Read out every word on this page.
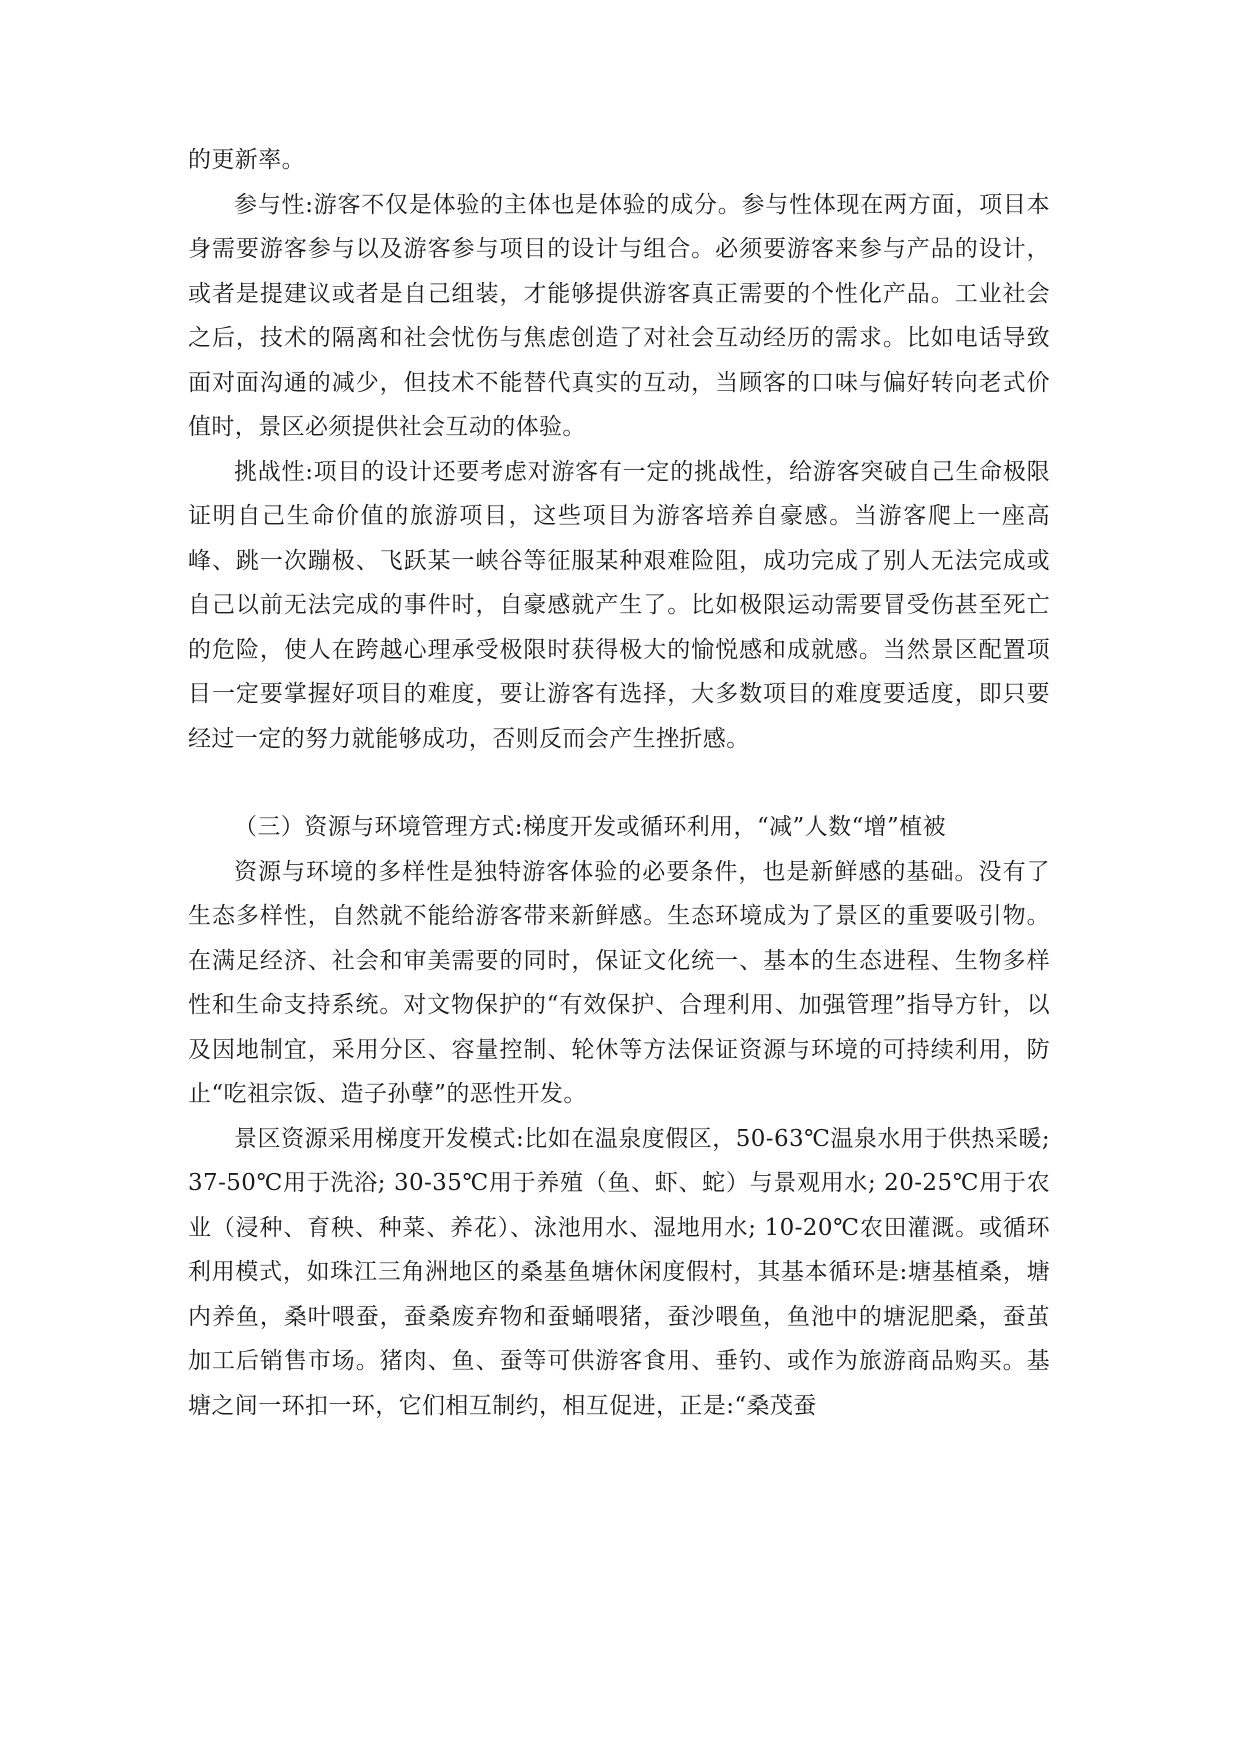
的更新率。

参与性:游客不仅是体验的主体也是体验的成分。参与性体现在两方面，项目本身需要游客参与以及游客参与项目的设计与组合。必须要游客来参与产品的设计，或者是提建议或者是自己组装，才能够提供游客真正需要的个性化产品。工业社会之后，技术的隔离和社会忧伤与焦虑创造了对社会互动经历的需求。比如电话导致面对面沟通的减少，但技术不能替代真实的互动，当顾客的口味与偏好转向老式价值时，景区必须提供社会互动的体验。

挑战性:项目的设计还要考虑对游客有一定的挑战性，给游客突破自己生命极限证明自己生命价值的旅游项目，这些项目为游客培养自豪感。当游客爬上一座高峰、跳一次蹦极、飞跃某一峡谷等征服某种艰难险阻，成功完成了别人无法完成或自己以前无法完成的事件时，自豪感就产生了。比如极限运动需要冒受伤甚至死亡的危险，使人在跨越心理承受极限时获得极大的愉悦感和成就感。当然景区配置项目一定要掌握好项目的难度，要让游客有选择，大多数项目的难度要适度，即只要经过一定的努力就能够成功，否则反而会产生挫折感。

（三）资源与环境管理方式:梯度开发或循环利用，“减”人数“增”植被

资源与环境的多样性是独特游客体验的必要条件，也是新鲜感的基础。没有了生态多样性，自然就不能给游客带来新鲜感。生态环境成为了景区的重要吸引物。在满足经济、社会和审美需要的同时，保证文化统一、基本的生态进程、生物多样性和生命支持系统。对文物保护的“有效保护、合理利用、加强管理”指导方针，以及因地制宜，采用分区、容量控制、轮休等方法保证资源与环境的可持续利用，防止“吃祖宗饭、造子孙孽”的恶性开发。

景区资源采用梯度开发模式:比如在温泉度假区，50-63℃温泉水用于供热采暖; 37-50℃用于洗浴; 30-35℃用于养殖（鱼、虾、蛇）与景观用水; 20-25℃用于农业（浸种、育秧、种菜、养花）、泳池用水、湿地用水; 10-20℃农田灌溉。或循环利用模式，如珠江三角洲地区的桑基鱼塘休闲度假村，其基本循环是:塘基植桑，塘内养鱼，桑叶喂蚕，蚕桑废弃物和蚕蛹喂猪，蚕沙喂鱼，鱼池中的塘泥肥桑，蚕茧加工后销售市场。猪肉、鱼、蚕等可供游客食用、垂钓、或作为旅游商品购买。基塘之间一环扣一环，它们相互制约，相互促进，正是:“桑茂蚕
